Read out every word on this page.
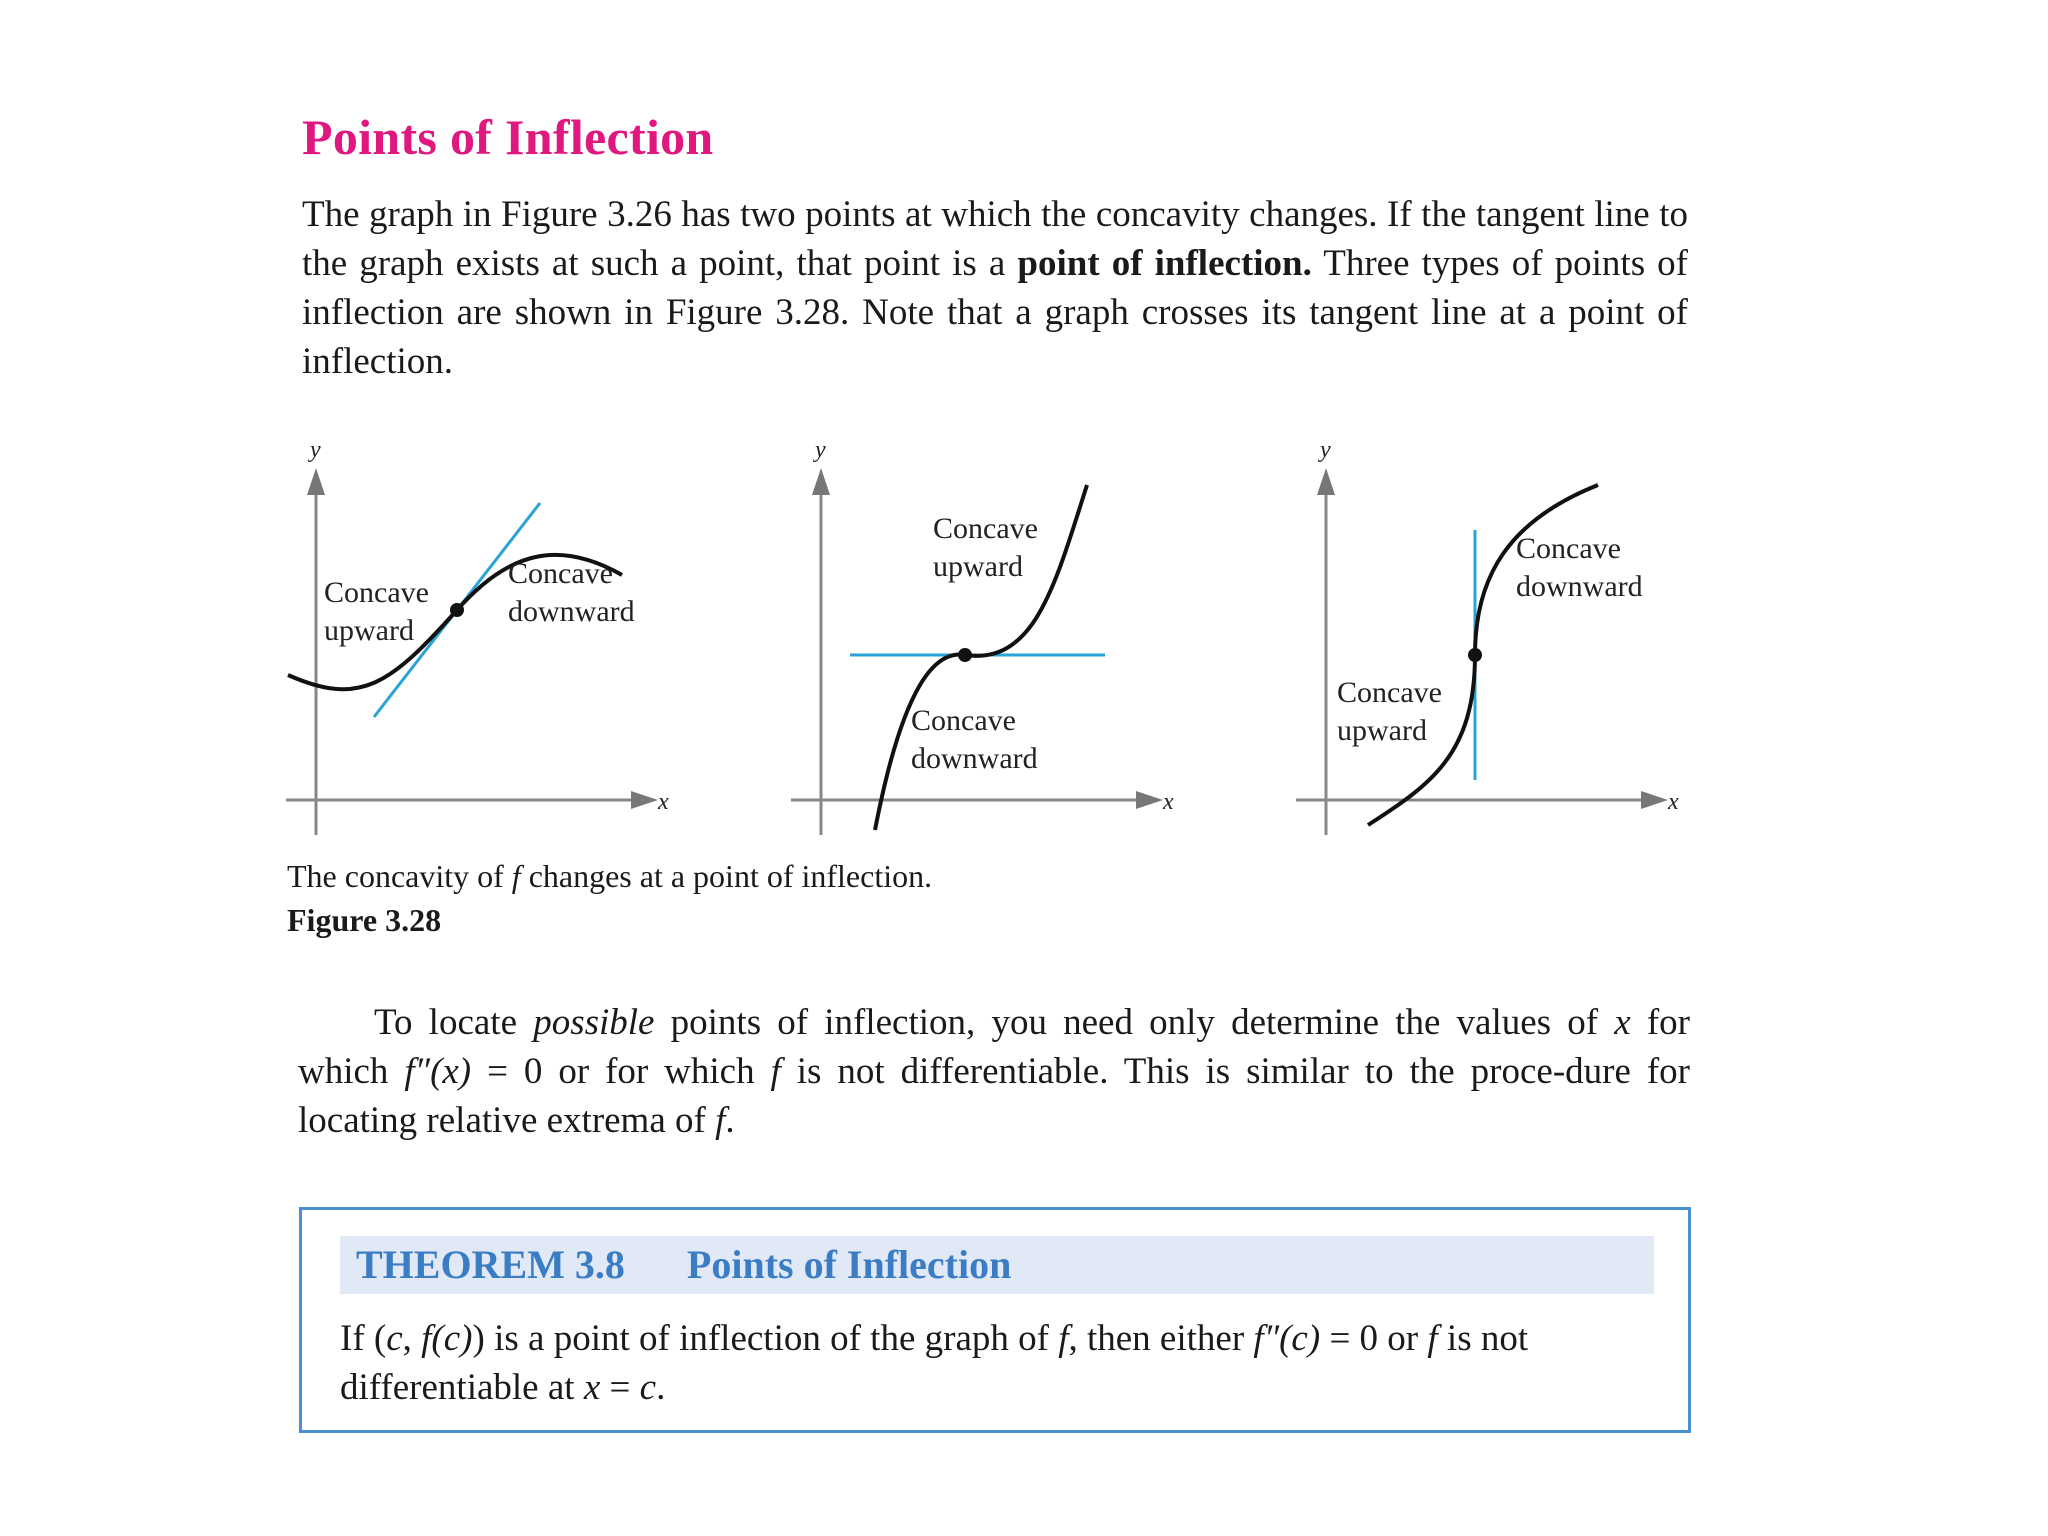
Points of Inflection

The graph in Figure 3.26 has two points at which the concavity changes. If the tangent line to the graph exists at such a point, that point is a point of inflection. Three types of points of inflection are shown in Figure 3.28. Note that a graph crosses its tangent line at a point of inflection.

y
x
Concave upward
Concave downward
y
x
Concave upward
Concave downward
y
x
Concave downward
Concave upward
The concavity of f changes at a point of inflection.
Figure 3.28

To locate possible points of inflection, you need only determine the values of x for which f″(x) = 0 or for which f is not differentiable. This is similar to the proce-dure for locating relative extrema of f.

THEOREM 3.8 Points of Inflection

If (c, f(c)) is a point of inflection of the graph of f, then either f″(c) = 0 or f is not differentiable at x = c.
